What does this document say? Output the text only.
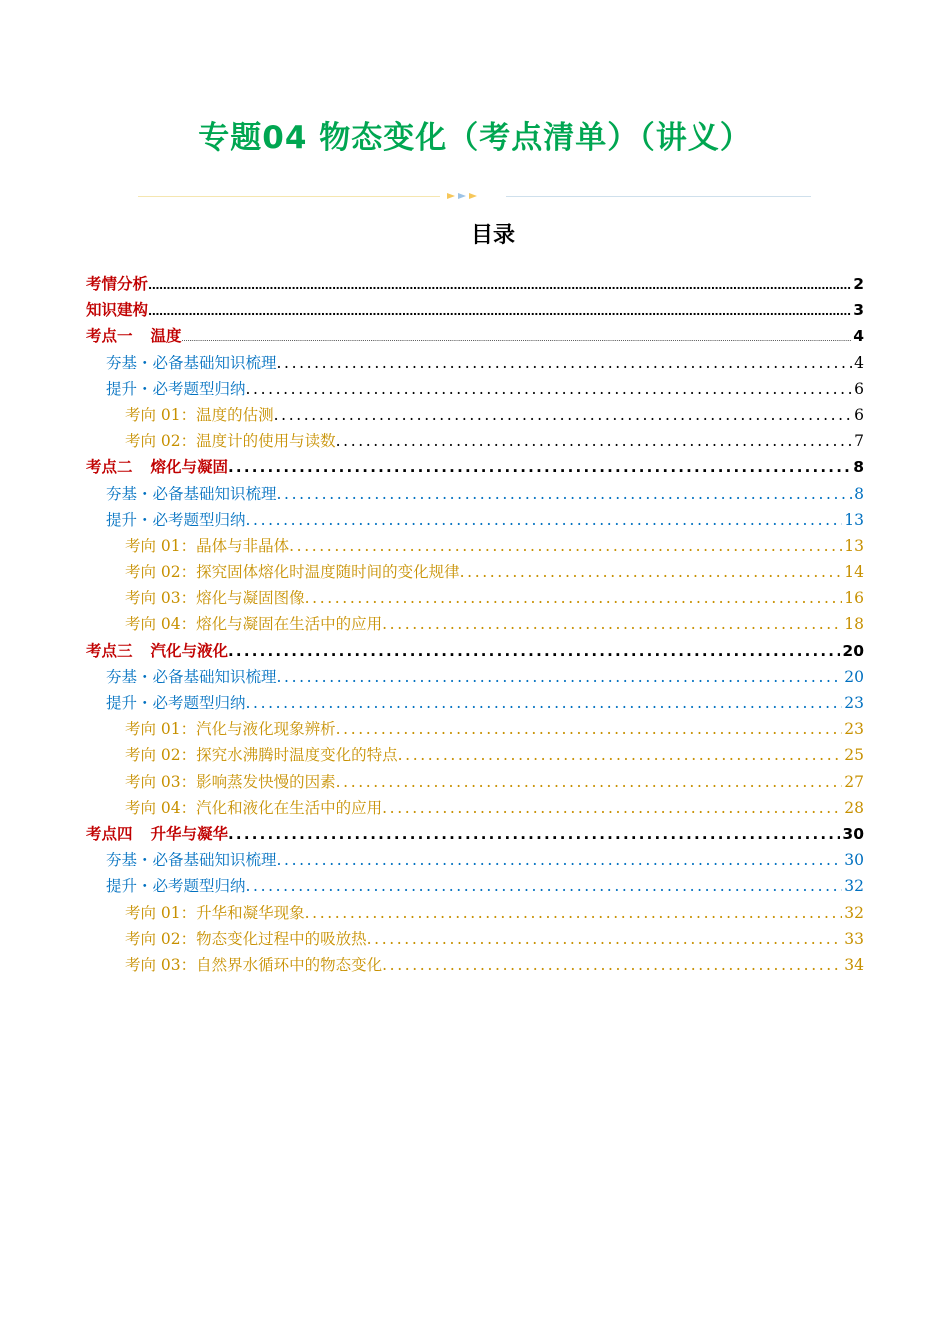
专题04 物态变化（考点清单）（讲义）
目录
考情分析 .....	2
知识建构 .....	3
考点一 温度 .....	4
夯基・必备基础知识梳理 .....	4
提升・必考题型归纳 .....	6
考向 01：温度的估测 .....	6
考向 02：温度计的使用与读数 .....	7
考点二 熔化与凝固 .....	8
夯基・必备基础知识梳理 .....	8
提升・必考题型归纳 .....	13
考向 01：晶体与非晶体 .....	13
考向 02：探究固体熔化时温度随时间的变化规律 .....	14
考向 03：熔化与凝固图像 .....	16
考向 04：熔化与凝固在生活中的应用 .....	18
考点三 汽化与液化 .....	20
夯基・必备基础知识梳理 .....	20
提升・必考题型归纳 .....	23
考向 01：汽化与液化现象辨析 .....	23
考向 02：探究水沸腾时温度变化的特点 .....	25
考向 03：影响蒸发快慢的因素 .....	27
考向 04：汽化和液化在生活中的应用 .....	28
考点四 升华与凝华 .....	30
夯基・必备基础知识梳理 .....	30
提升・必考题型归纳 .....	32
考向 01：升华和凝华现象 .....	32
考向 02：物态变化过程中的吸放热 .....	33
考向 03：自然界水循环中的物态变化 .....	34
